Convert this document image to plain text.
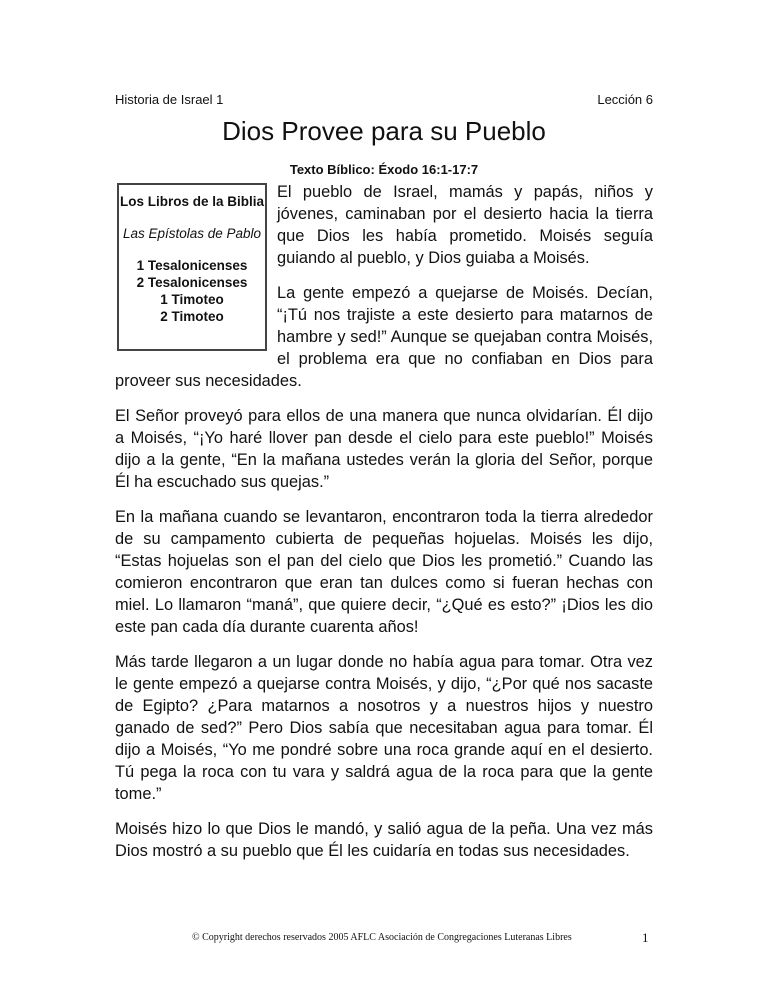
Historia de Israel 1	Lección 6
Dios Provee para su Pueblo
Texto Bíblico: Éxodo 16:1-17:7
Los Libros de la Biblia
Las Epístolas de Pablo
1 Tesalonicenses
2 Tesalonicenses
1 Timoteo
2 Timoteo

El pueblo de Israel, mamás y papás, niños y jóvenes, caminaban por el desierto hacia la tierra que Dios les había prometido. Moisés seguía guiando al pueblo, y Dios guiaba a Moisés.

La gente empezó a quejarse de Moisés. Decían, “¡Tú nos trajiste a este desierto para matarnos de hambre y sed!” Aunque se quejaban contra Moisés, el problema era que no confiaban en Dios para proveer sus necesidades.

El Señor proveyó para ellos de una manera que nunca olvidarían. Él dijo a Moisés, “¡Yo haré llover pan desde el cielo para este pueblo!” Moisés dijo a la gente, “En la mañana ustedes verán la gloria del Señor, porque Él ha escuchado sus quejas.”

En la mañana cuando se levantaron, encontraron toda la tierra alrededor de su campamento cubierta de pequeñas hojuelas. Moisés les dijo, “Estas hojuelas son el pan del cielo que Dios les prometió.” Cuando las comieron encontraron que eran tan dulces como si fueran hechas con miel. Lo llamaron “maná”, que quiere decir, “¿Qué es esto?” ¡Dios les dio este pan cada día durante cuarenta años!

Más tarde llegaron a un lugar donde no había agua para tomar. Otra vez le gente empezó a quejarse contra Moisés, y dijo, “¿Por qué nos sacaste de Egipto? ¿Para matarnos a nosotros y a nuestros hijos y nuestro ganado de sed?” Pero Dios sabía que necesitaban agua para tomar. Él dijo a Moisés, “Yo me pondré sobre una roca grande aquí en el desierto. Tú pega la roca con tu vara y saldrá agua de la roca para que la gente tome.”

Moisés hizo lo que Dios le mandó, y salió agua de la peña. Una vez más Dios mostró a su pueblo que Él les cuidaría en todas sus necesidades.

© Copyright derechos reservados 2005 AFLC Asociación de Congregaciones Luteranas Libres	1
